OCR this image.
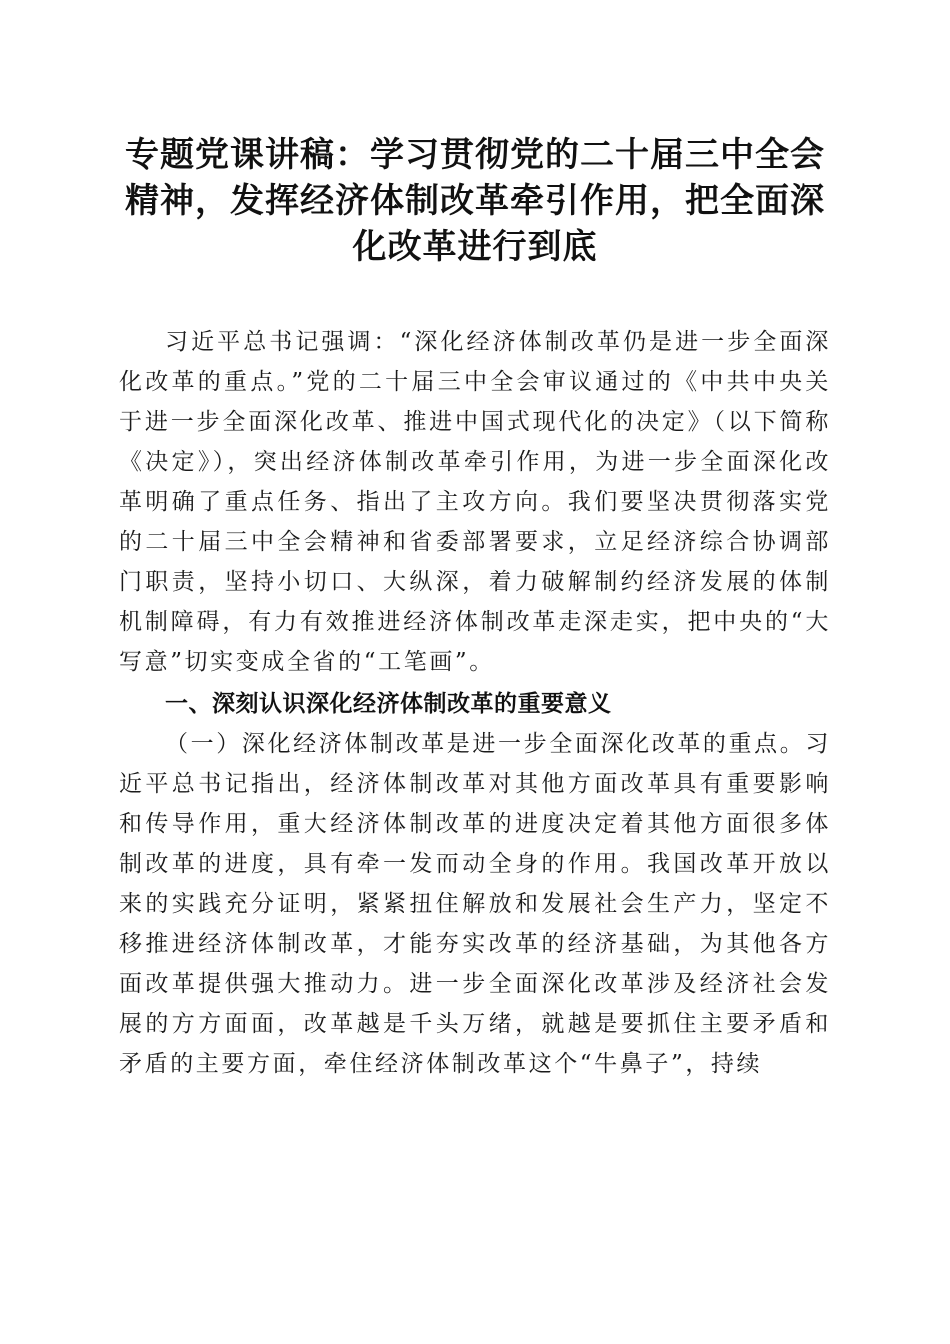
专题党课讲稿：学习贯彻党的二十届三中全会精神，发挥经济体制改革牵引作用，把全面深化改革进行到底

习近平总书记强调：“深化经济体制改革仍是进一步全面深化改革的重点。”党的二十届三中全会审议通过的《中共中央关于进一步全面深化改革、推进中国式现代化的决定》（以下简称《决定》），突出经济体制改革牵引作用，为进一步全面深化改革明确了重点任务、指出了主攻方向。我们要坚决贯彻落实党的二十届三中全会精神和省委部署要求，立足经济综合协调部门职责，坚持小切口、大纵深，着力破解制约经济发展的体制机制障碍，有力有效推进经济体制改革走深走实，把中央的“大写意”切实变成全省的“工笔画”。

一、深刻认识深化经济体制改革的重要意义

（一）深化经济体制改革是进一步全面深化改革的重点。习近平总书记指出，经济体制改革对其他方面改革具有重要影响和传导作用，重大经济体制改革的进度决定着其他方面很多体制改革的进度，具有牵一发而动全身的作用。我国改革开放以来的实践充分证明，紧紧扭住解放和发展社会生产力，坚定不移推进经济体制改革，才能夯实改革的经济基础，为其他各方面改革提供强大推动力。进一步全面深化改革涉及经济社会发展的方方面面，改革越是千头万绪，就越是要抓住主要矛盾和矛盾的主要方面，牵住经济体制改革这个“牛鼻子”，持续
